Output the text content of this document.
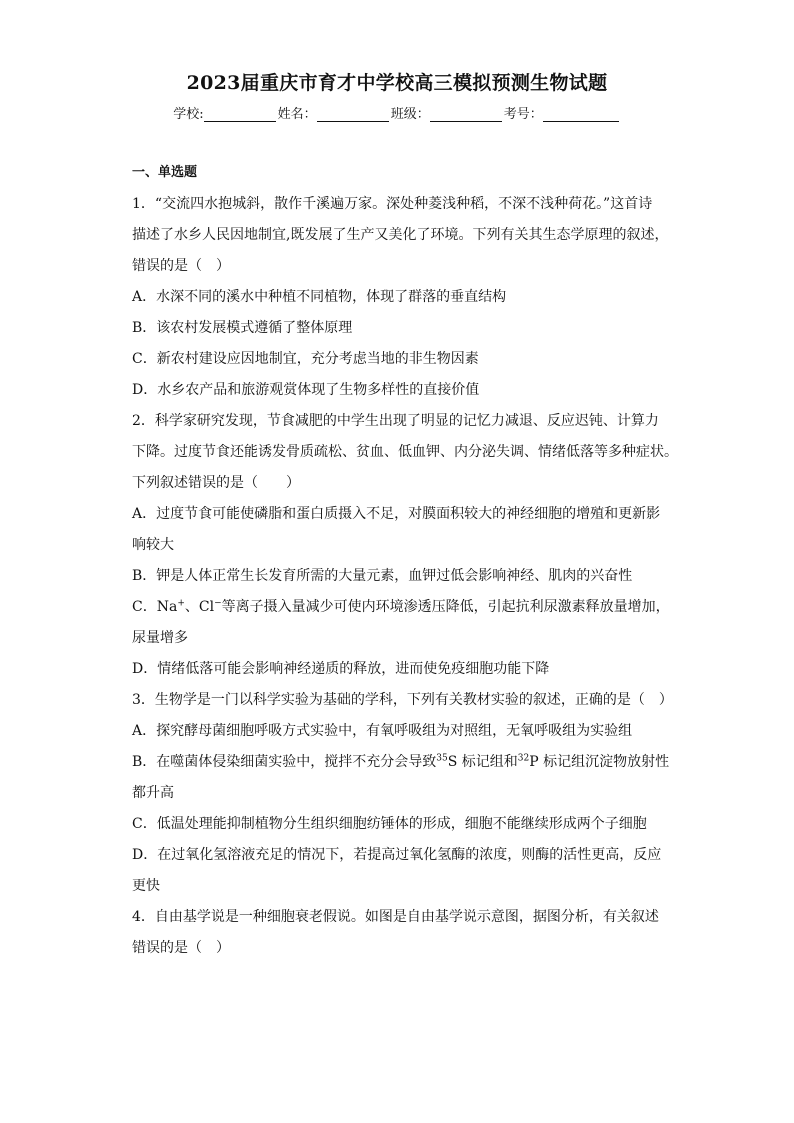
2023届重庆市育才中学校高三模拟预测生物试题
学校:	姓名：	班级：	考号：
一、单选题
1．“交流四水抱城斜，散作千溪遍万家。深处种菱浅种稻，不深不浅种荷花。”这首诗
描述了水乡人民因地制宜,既发展了生产又美化了环境。下列有关其生态学原理的叙述，
错误的是（　）
A．水深不同的溪水中种植不同植物，体现了群落的垂直结构
B．该农村发展模式遵循了整体原理
C．新农村建设应因地制宜，充分考虑当地的非生物因素
D．水乡农产品和旅游观赏体现了生物多样性的直接价值
2．科学家研究发现，节食减肥的中学生出现了明显的记忆力减退、反应迟钝、计算力
下降。过度节食还能诱发骨质疏松、贫血、低血钾、内分泌失调、情绪低落等多种症状。
下列叙述错误的是（　　）
A．过度节食可能使磷脂和蛋白质摄入不足，对膜面积较大的神经细胞的增殖和更新影
响较大
B．钾是人体正常生长发育所需的大量元素，血钾过低会影响神经、肌肉的兴奋性
C．Na+、Cl−等离子摄入量减少可使内环境渗透压降低，引起抗利尿激素释放量增加，
尿量增多
D．情绪低落可能会影响神经递质的释放，进而使免疫细胞功能下降
3．生物学是一门以科学实验为基础的学科，下列有关教材实验的叙述，正确的是（　）
A．探究酵母菌细胞呼吸方式实验中，有氧呼吸组为对照组，无氧呼吸组为实验组
B．在噬菌体侵染细菌实验中，搅拌不充分会导致$^{35}$S 标记组和$^{32}$P 标记组沉淀物放射性
都升高
C．低温处理能抑制植物分生组织细胞纺锤体的形成，细胞不能继续形成两个子细胞
D．在过氧化氢溶液充足的情况下，若提高过氧化氢酶的浓度，则酶的活性更高，反应
更快
4．自由基学说是一种细胞衰老假说。如图是自由基学说示意图，据图分析，有关叙述
错误的是（　）
